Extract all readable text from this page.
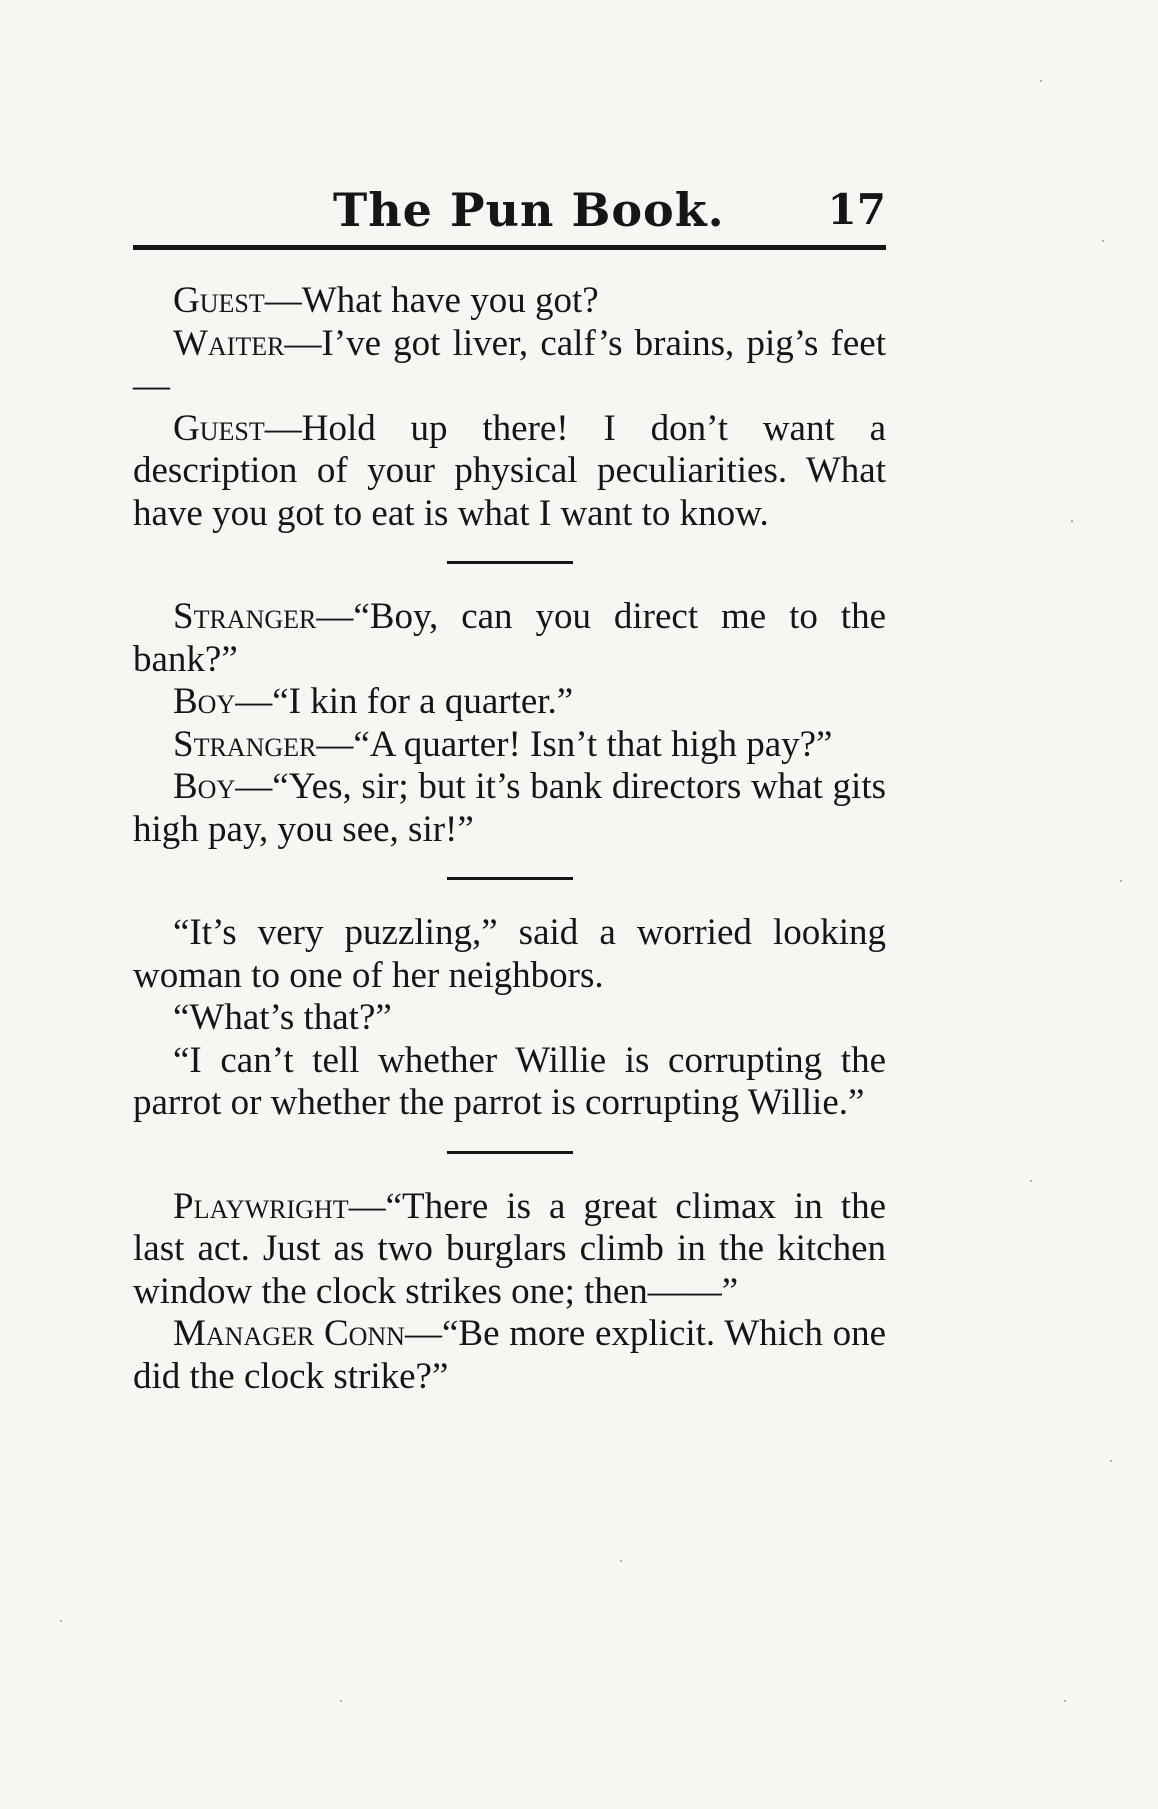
The Pun Book. 17

Guest—What have you got?

Waiter—I’ve got liver, calf’s brains, pig’s feet—

Guest—Hold up there! I don’t want a description of your physical peculiarities. What have you got to eat is what I want to know.

Stranger—“Boy, can you direct me to the bank?”

Boy—“I kin for a quarter.”

Stranger—“A quarter! Isn’t that high pay?”

Boy—“Yes, sir; but it’s bank directors what gits high pay, you see, sir!”

“It’s very puzzling,” said a worried looking woman to one of her neighbors.

“What’s that?”

“I can’t tell whether Willie is corrupting the parrot or whether the parrot is corrupting Willie.”

Playwright—“There is a great climax in the last act. Just as two burglars climb in the kitchen window the clock strikes one; then——”

Manager Conn—“Be more explicit. Which one did the clock strike?”
